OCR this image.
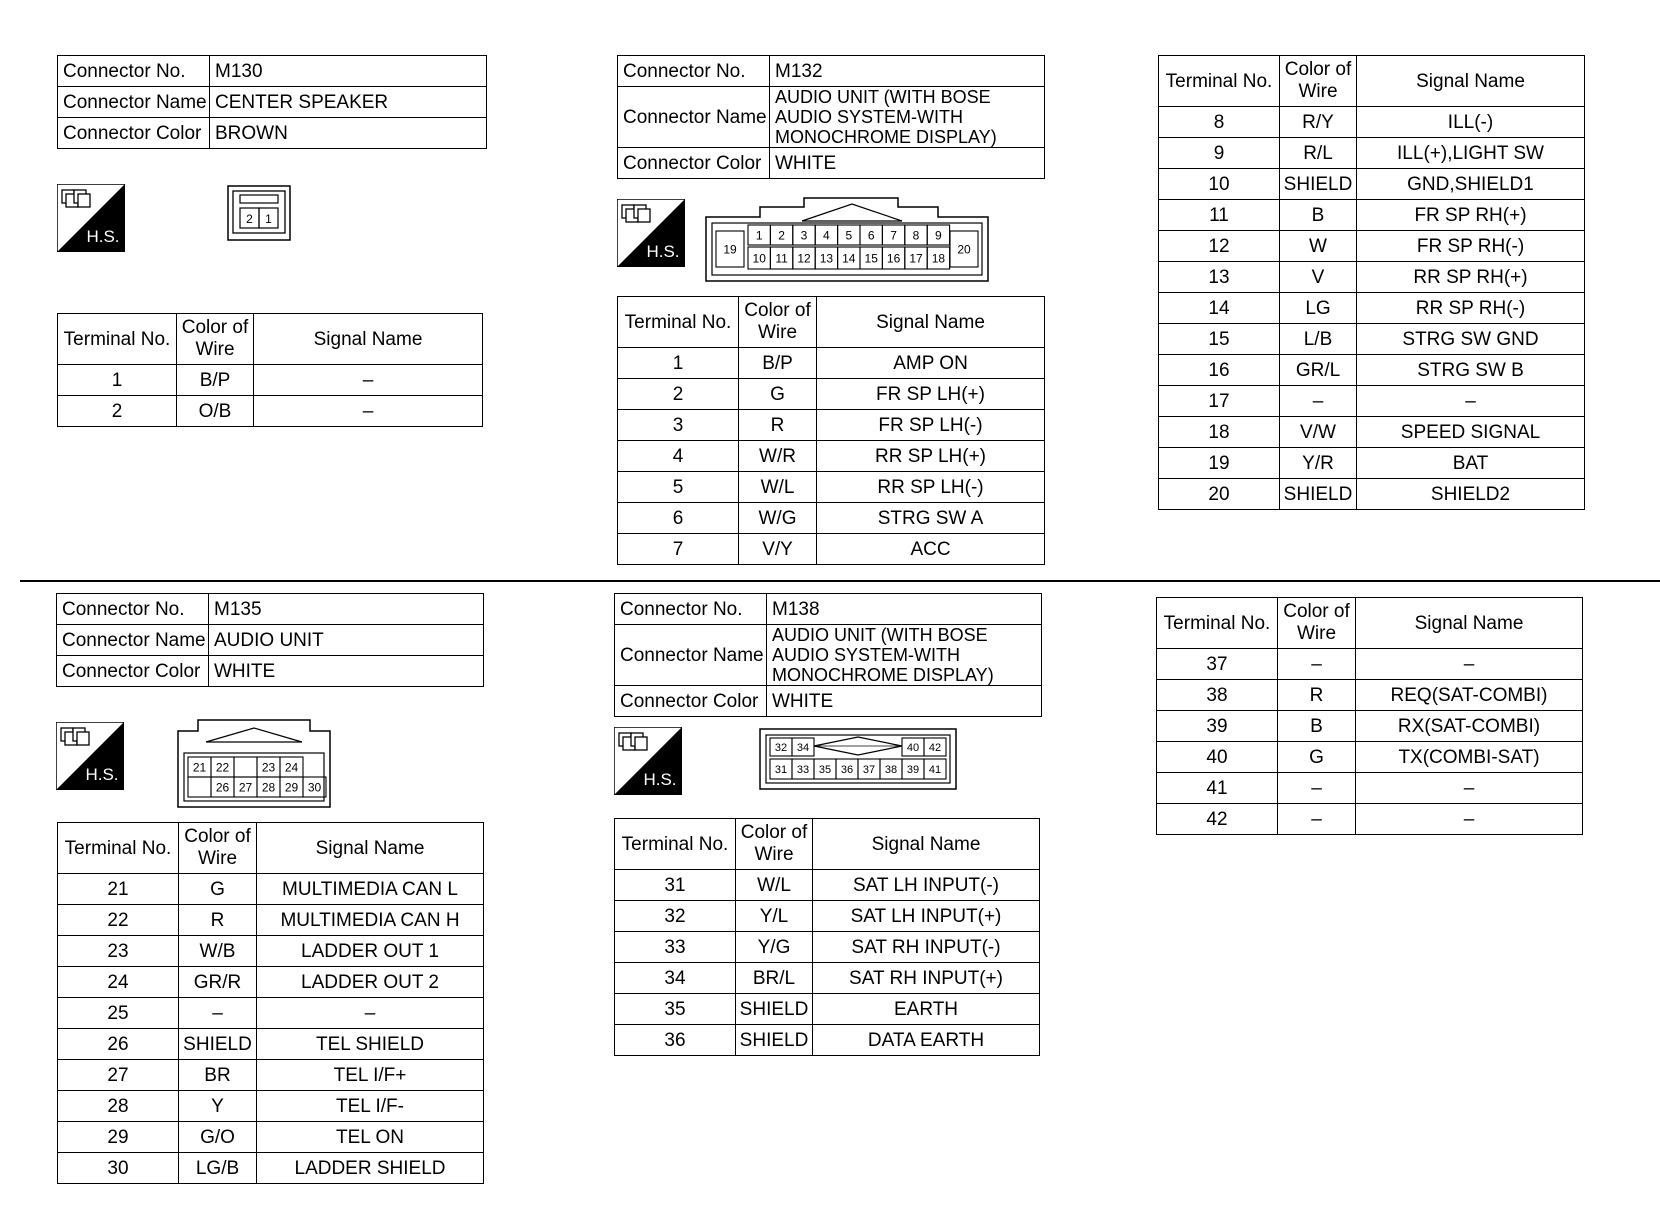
Connector No.	M130
Connector Name	CENTER SPEAKER
Connector Color	BROWN
H.S.
2 1
Terminal No.	Color of Wire	Signal Name
1	B/P	–
2	O/B	–
Connector No.	M132
Connector Name	AUDIO UNIT (WITH BOSE AUDIO SYSTEM-WITH MONOCHROME DISPLAY)
Connector Color	WHITE
H.S.
1 2 3 4 5 6 7 8 9
10 11 12 13 14 15 16 17 18
19	20
Terminal No.	Color of Wire	Signal Name
1	B/P	AMP ON
2	G	FR SP LH(+)
3	R	FR SP LH(-)
4	W/R	RR SP LH(+)
5	W/L	RR SP LH(-)
6	W/G	STRG SW A
7	V/Y	ACC
Terminal No.	Color of Wire	Signal Name
8	R/Y	ILL(-)
9	R/L	ILL(+),LIGHT SW
10	SHIELD	GND,SHIELD1
11	B	FR SP RH(+)
12	W	FR SP RH(-)
13	V	RR SP RH(+)
14	LG	RR SP RH(-)
15	L/B	STRG SW GND
16	GR/L	STRG SW B
17	–	–
18	V/W	SPEED SIGNAL
19	Y/R	BAT
20	SHIELD	SHIELD2
Connector No.	M135
Connector Name	AUDIO UNIT
Connector Color	WHITE
H.S.	21 22	23 24
26 27 28 29 30
Terminal No.	Color of Wire	Signal Name
21	G	MULTIMEDIA CAN L
22	R	MULTIMEDIA CAN H
23	W/B	LADDER OUT 1
24	GR/R	LADDER OUT 2
25	–	–
26	SHIELD	TEL SHIELD
27	BR	TEL I/F+
28	Y	TEL I/F-
29	G/O	TEL ON
30	LG/B	LADDER SHIELD
Connector No.	M138
Connector Name	AUDIO UNIT (WITH BOSE AUDIO SYSTEM-WITH MONOCHROME DISPLAY)
Connector Color	WHITE
H.S.
32 34	40 42
31 33 35 36 37 38 39 41
Terminal No.	Color of Wire	Signal Name
31	W/L	SAT LH INPUT(-)
32	Y/L	SAT LH INPUT(+)
33	Y/G	SAT RH INPUT(-)
34	BR/L	SAT RH INPUT(+)
35	SHIELD	EARTH
36	SHIELD	DATA EARTH
Terminal No.	Color of Wire	Signal Name
37	–	–
38	R	REQ(SAT-COMBI)
39	B	RX(SAT-COMBI)
40	G	TX(COMBI-SAT)
41	–	–
42	–	–
